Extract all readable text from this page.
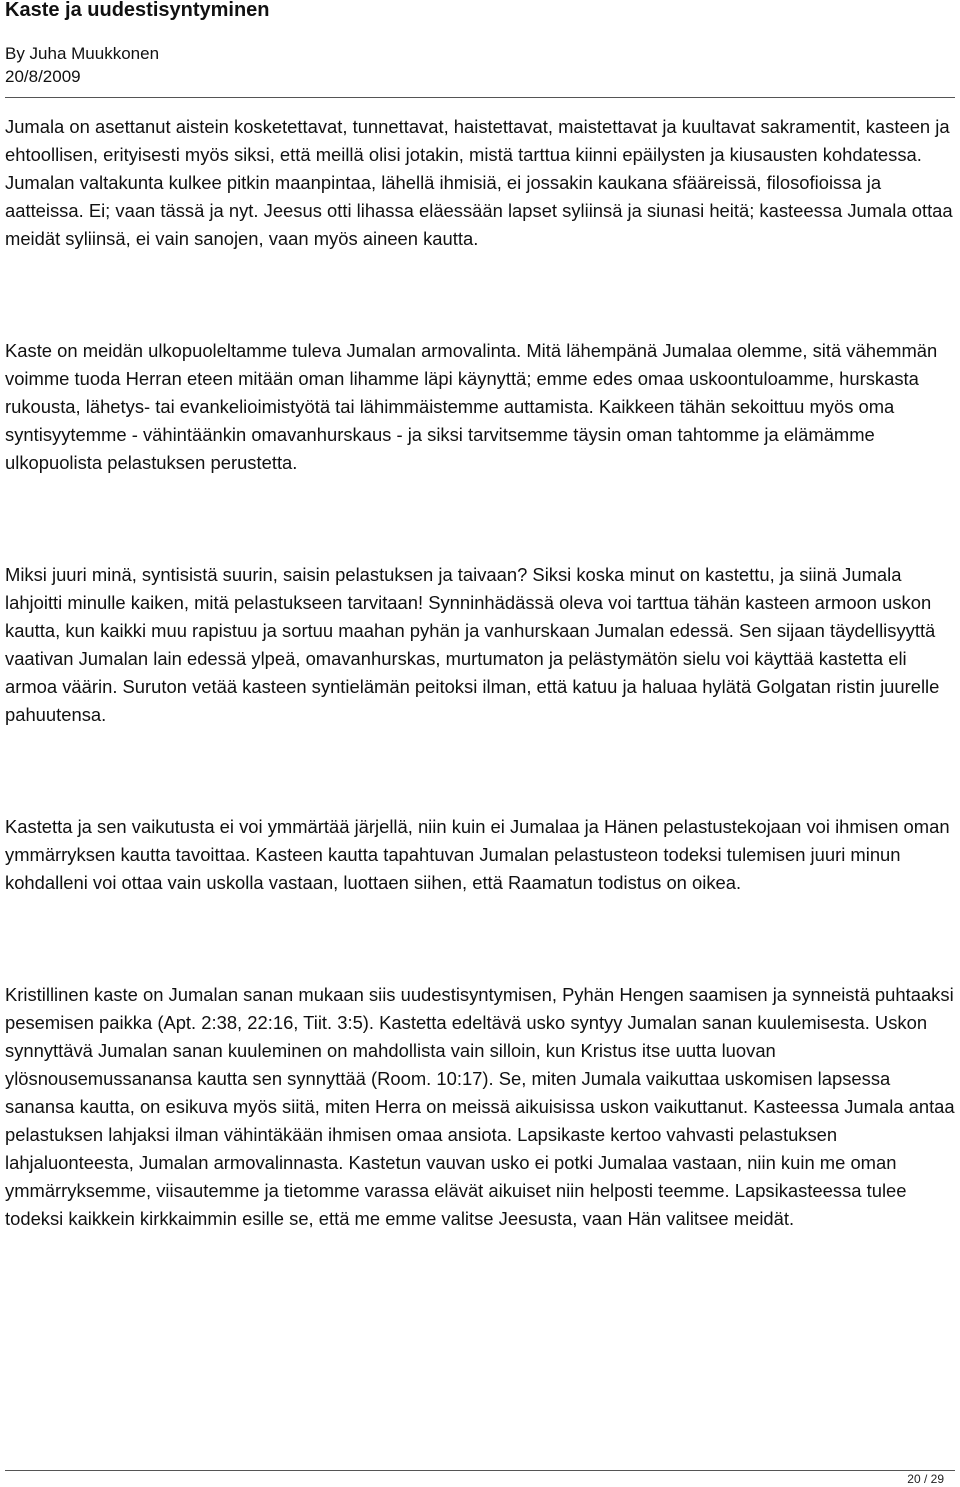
Kaste ja uudestisyntyminen
By Juha Muukkonen
20/8/2009

Jumala on asettanut aistein kosketettavat, tunnettavat, haistettavat, maistettavat ja kuultavat sakramentit, kasteen ja ehtoollisen, erityisesti myös siksi, että meillä olisi jotakin, mistä tarttua kiinni epäilysten ja kiusausten kohdatessa. Jumalan valtakunta kulkee pitkin maanpintaa, lähellä ihmisiä, ei jossakin kaukana sfääreissä, filosofioissa ja aatteissa. Ei; vaan tässä ja nyt. Jeesus otti lihassa eläessään lapset syliinsä ja siunasi heitä; kasteessa Jumala ottaa meidät syliinsä, ei vain sanojen, vaan myös aineen kautta.

Kaste on meidän ulkopuoleltamme tuleva Jumalan armovalinta. Mitä lähempänä Jumalaa olemme, sitä vähemmän voimme tuoda Herran eteen mitään oman lihamme läpi käynyttä; emme edes omaa uskoontuloamme, hurskasta rukousta, lähetys- tai evankelioimistyötä tai lähimmäistemme auttamista. Kaikkeen tähän sekoittuu myös oma syntisyytemme - vähintäänkin omavanhurskaus - ja siksi tarvitsemme täysin oman tahtomme ja elämämme ulkopuolista pelastuksen perustetta.

Miksi juuri minä, syntisistä suurin, saisin pelastuksen ja taivaan? Siksi koska minut on kastettu, ja siinä Jumala lahjoitti minulle kaiken, mitä pelastukseen tarvitaan! Synninhädässä oleva voi tarttua tähän kasteen armoon uskon kautta, kun kaikki muu rapistuu ja sortuu maahan pyhän ja vanhurskaan Jumalan edessä. Sen sijaan täydellisyyttä vaativan Jumalan lain edessä ylpeä, omavanhurskas, murtumaton ja pelästymätön sielu voi käyttää kastetta eli armoa väärin. Suruton vetää kasteen syntielämän peitoksi ilman, että katuu ja haluaa hylätä Golgatan ristin juurelle pahuutensa.

Kastetta ja sen vaikutusta ei voi ymmärtää järjellä, niin kuin ei Jumalaa ja Hänen pelastustekojaan voi ihmisen oman ymmärryksen kautta tavoittaa. Kasteen kautta tapahtuvan Jumalan pelastusteon todeksi tulemisen juuri minun kohdalleni voi ottaa vain uskolla vastaan, luottaen siihen, että Raamatun todistus on oikea.

Kristillinen kaste on Jumalan sanan mukaan siis uudestisyntymisen, Pyhän Hengen saamisen ja synneistä puhtaaksi pesemisen paikka (Apt. 2:38, 22:16, Tiit. 3:5). Kastetta edeltävä usko syntyy Jumalan sanan kuulemisesta. Uskon synnyttävä Jumalan sanan kuuleminen on mahdollista vain silloin, kun Kristus itse uutta luovan ylösnousemussanansa kautta sen synnyttää (Room. 10:17). Se, miten Jumala vaikuttaa uskomisen lapsessa sanansa kautta, on esikuva myös siitä, miten Herra on meissä aikuisissa uskon vaikuttanut. Kasteessa Jumala antaa pelastuksen lahjaksi ilman vähintäkään ihmisen omaa ansiota. Lapsikaste kertoo vahvasti pelastuksen lahjaluonteesta, Jumalan armovalinnasta. Kastetun vauvan usko ei potki Jumalaa vastaan, niin kuin me oman ymmärryksemme, viisautemme ja tietomme varassa elävät aikuiset niin helposti teemme. Lapsikasteessa tulee todeksi kaikkein kirkkaimmin esille se, että me emme valitse Jeesusta, vaan Hän valitsee meidät.

20 / 29
